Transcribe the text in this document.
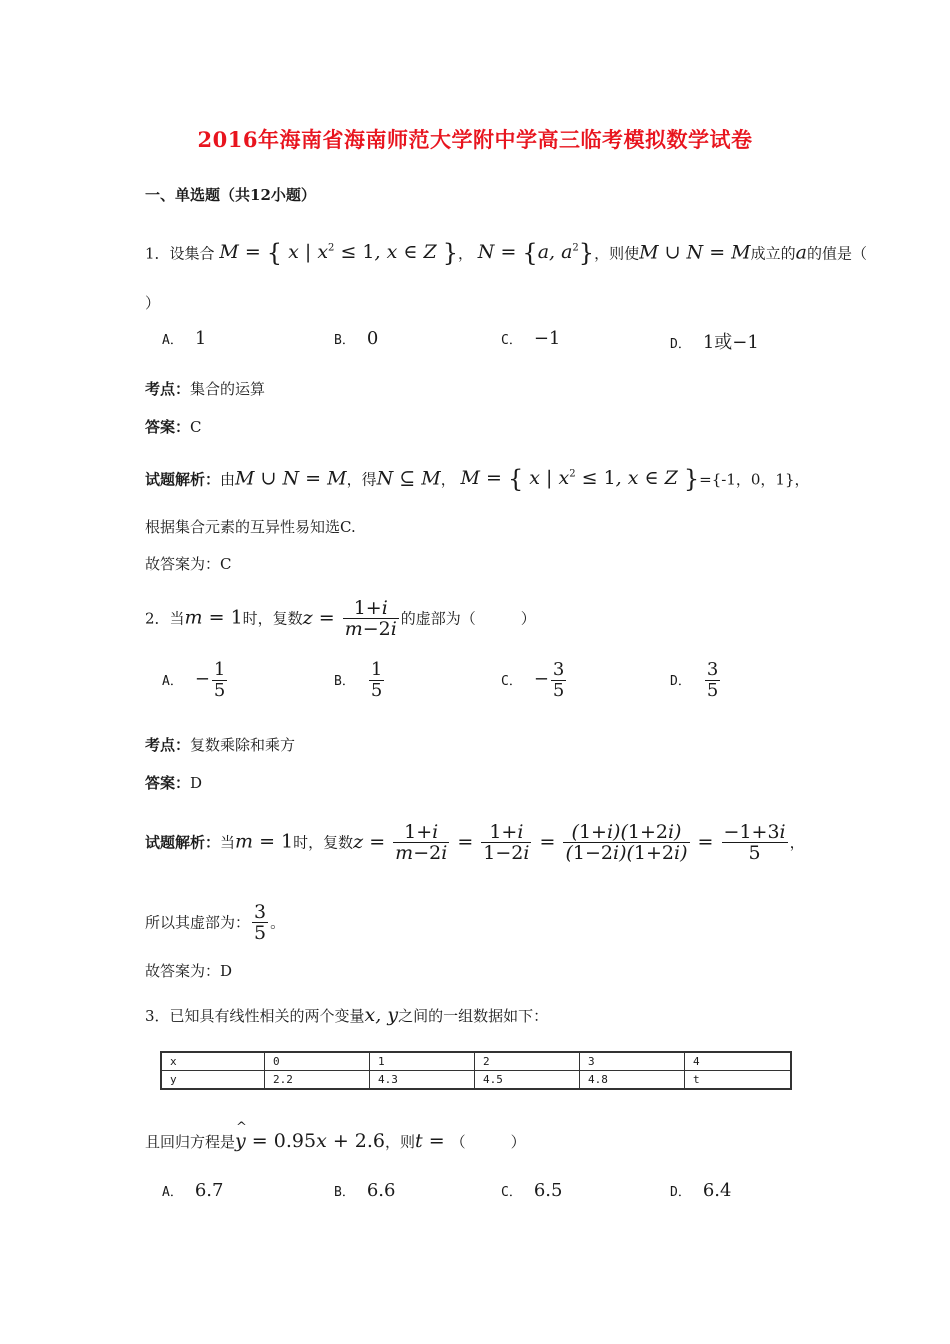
2016年海南省海南师范大学附中学高三临考模拟数学试卷
一、单选题（共12小题）
1．设集合 M = { x | $x^2 \le 1$, x ∈ Z }， N = {a, $a^2$}，则使M ∪ N = M成立的a的值是（
）
A． 1	B． 0	C． −1	D． 1或−1
考点：集合的运算
答案：C
试题解析：由M ∪ N = M，得N ⊆ M， M = { x | $x^2 \le 1$, x ∈ Z }={-1，0，1}，
根据集合元素的互异性易知选C.
故答案为：C
2．当m = 1时，复数$z = \frac{1+i}{m-2i}$ 的虚部为（　　　）
A． − $\frac{1}{5}$	B． $\frac{1}{5}$	C． − $\frac{3}{5}$	D． $\frac{3}{5}$
考点：复数乘除和乘方
答案：D
试题解析：当m = 1时，复数$z = \frac{1+i}{m-2i} = \frac{1+i}{1-2i} = \frac{(1+i)(1+2i)}{(1-2i)(1+2i)} = \frac{-1+3i}{5}$ ，
所以其虚部为： $\frac{3}{5}$ 。
故答案为：D
3．已知具有线性相关的两个变量x, y之间的一组数据如下：
x	0	1	2	3	4
y	2.2	4.3	4.5	4.8	t
且回归方程是^ y = 0.95x + 2.6，则t = （　　　）
A． 6.7	B． 6.6	C． 6.5	D． 6.4
